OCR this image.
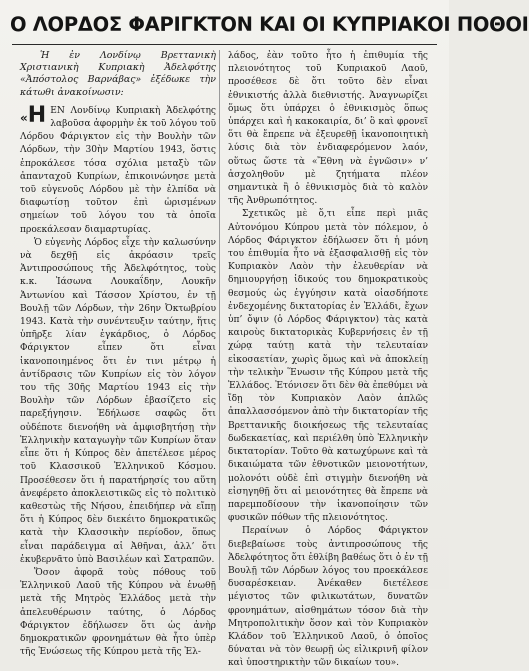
Ο ΛΟΡΔΟΣ ΦΑΡΙΓΚΤΟΝ ΚΑΙ ΟΙ ΚΥΠΡΙΑΚΟΙ ΠΟΘΟΙ

Ἡ ἐν Λονδίνῳ Βρεττανικὴ Χριστιανικὴ Κυπριακὴ Ἀδελφότης «Ἀπόστολος Βαρνάβας» ἐξέδωκε τὴν κάτωθι ἀνακοίνωσιν:

«Η ΕΝ Λονδίνῳ Κυπριακὴ Ἀδελφότης λαβοῦσα ἀφορμὴν ἐκ τοῦ λόγου τοῦ Λόρδου Φάριγκτον εἰς τὴν Βουλὴν τῶν Λόρδων, τὴν 30ὴν Μαρτίου 1943, ὅστις ἐπροκάλεσε τόσα σχόλια μεταξὺ τῶν ἀπανταχοῦ Κυπρίων, ἐπικοινώνησε μετὰ τοῦ εὐγενοῦς Λόρδου μὲ τὴν ἐλπίδα νὰ διαφωτίσῃ τοῦτον ἐπὶ ὡρισμένων σημείων τοῦ λόγου του τὰ ὁποῖα προεκάλεσαν διαμαρτυρίας.

Ὁ εὐγενὴς Λόρδος εἶχε τὴν καλωσύνην νὰ δεχθῇ εἰς ἀκρόασιν τρεῖς Ἀντιπροσώπους τῆς Ἀδελφότητος, τοὺς κ.κ. Ἰάσωνα Λουκαΐδην, Λουκῆν Ἀντωνίου καὶ Τάσσον Χρίστου, ἐν τῇ Βουλῇ τῶν Λόρδων, τὴν 26ην Ὀκτωβρίου 1943. Κατὰ τὴν συνέντευξιν ταύτην, ἥτις ὑπῆρξε λίαν ἐγκάρδιος, ὁ Λόρδος Φάριγκτον εἶπεν ὅτι εἶναι ἱκανοποιημένος ὅτι ἐν τινι μέτρῳ ἡ ἀντίδρασις τῶν Κυπρίων εἰς τὸν λόγον του τῆς 30ῆς Μαρτίου 1943 εἰς τὴν Βουλὴν τῶν Λόρδων ἐβασίζετο εἰς παρεξήγησιν. Ἐδήλωσε σαφῶς ὅτι οὐδέποτε διενοήθη νὰ ἀμφισβητήσῃ τὴν Ἑλληνικὴν καταγωγὴν τῶν Κυπρίων ὅταν εἶπε ὅτι ἡ Κύπρος δὲν ἀπετέλεσε μέρος τοῦ Κλασσικοῦ Ἑλληνικοῦ Κόσμου. Προσέθεσεν ὅτι ἡ παρατήρησίς του αὕτη ἀνεφέρετο ἀποκλειστικῶς εἰς τὸ πολιτικὸ καθεστὼς τῆς Νήσου, ἐπειδήπερ νὰ εἴπῃ ὅτι ἡ Κύπρος δὲν διεκέιτο δημοκρατικῶς κατὰ τὴν Κλασσικὴν περίοδον, ὅπως εἶναι παράδειγμα αἱ Ἀθῆναι, ἀλλ’ ὅτι ἐκυβερνᾶτο ὑπὸ Βασιλέων καὶ Σατραπῶν.

Ὅσον ἀφορᾶ τοὺς πόθους τοῦ Ἑλληνικοῦ Λαοῦ τῆς Κύπρου νὰ ἑνωθῇ μετὰ τῆς Μητρὸς Ἑλλάδος μετὰ τὴν ἀπελευθέρωσιν ταύτης, ὁ Λόρδος Φάριγκτον ἐδήλωσεν ὅτι ὡς ἀνὴρ δημοκρατικῶν φρονημάτων θὰ ἦτο ὑπὲρ τῆς Ἑνώσεως τῆς Κύπρου μετὰ τῆς Ἑλ-

λάδος, ἐὰν τοῦτο ἦτο ἡ ἐπιθυμία τῆς πλειονότητος τοῦ Κυπριακοῦ Λαοῦ, προσέθεσε δὲ ὅτι τοῦτο δὲν εἶναι ἐθνικιστής ἀλλὰ διεθνιστής. Ἀναγνωρίζει ὅμως ὅτι ὑπάρχει ὁ ἐθνικισμὸς ὅπως ὑπάρχει καὶ ἡ κακοκαιρία, δι’ ὃ καὶ φρονεῖ ὅτι θὰ ἔπρεπε νὰ ἐξευρεθῇ ἱκανοποιητικὴ λύσις διὰ τὸν ἐνδιαφερόμενον λαόν, οὕτως ὥστε τὰ «Ἔθνη νὰ ἐγνῶσιν» ν’ ἀσχοληθοῦν μὲ ζητήματα πλέον σημαντικὰ ἢ ὁ ἐθνικισμὸς διὰ τὸ καλὸν τῆς Ἀνθρωπότητος.

Σχετικῶς μὲ ὅ,τι εἶπε περὶ μιᾶς Αὐτονόμου Κύπρου μετὰ τὸν πόλεμον, ὁ Λόρδος Φάριγκτον ἐδήλωσεν ὅτι ἡ μόνη του ἐπιθυμία ἦτο νὰ ἐξασφαλισθῇ εἰς τὸν Κυπριακὸν Λαὸν τὴν ἐλευθερίαν νὰ δημιουργήσῃ ἰδικούς του δημοκρατικοὺς θεσμούς ὡς ἐγγύησιν κατὰ οἱασδήποτε ἐνδεχομένης δικτατορίας ἐν Ἑλλάδι, ἔχων ὑπ’ ὄψιν (ὁ Λόρδος Φάριγκτον) τὰς κατὰ καιροὺς δικτατορικὰς Κυβερνήσεις ἐν τῇ χώρᾳ ταύτῃ κατὰ τὴν τελευταίαν εἰκοσαετίαν, χωρὶς ὅμως καὶ νὰ ἀποκλείῃ τὴν τελικὴν Ἕνωσιν τῆς Κύπρου μετὰ τῆς Ἑλλάδος. Ἐτόνισεν ὅτι δὲν θὰ ἐπεθύμει νὰ ἴδῃ τὸν Κυπριακὸν Λαὸν ἁπλῶς ἀπαλλασσόμενον ἀπὸ τὴν δικτατορίαν τῆς Βρεττανικῆς διοικήσεως τῆς τελευταίας δωδεκαετίας, καὶ περιέλθη ὑπὸ Ἑλληνικὴν δικτατορίαν. Τοῦτο θὰ κατωχύρωνε καὶ τὰ δικαιώματα τῶν ἐθνοτικῶν μειονοτήτων, μολονότι οὐδὲ ἐπὶ στιγμὴν διενοήθη νὰ εἰσηγηθῇ ὅτι αἱ μειονότητες θὰ ἔπρεπε νὰ παρεμποδίσουν τὴν ἱκανοποίησιν τῶν φυσικῶν πόθων τῆς πλειονότητος.

Περαίνων ὁ Λόρδος Φάριγκτον διεβεβαίωσε τοὺς ἀντιπροσώπους τῆς Ἀδελφότητος ὅτι ἐθλίβη βαθέως ὅτι ὁ ἐν τῇ Βουλῇ τῶν Λόρδων λόγος του προεκάλεσε δυσαρέσκειαν. Ἀνέκαθεν διετέλεσε μέγιστος τῶν φιλικωτάτων, δυνατῶν φρονημάτων, αἰσθημάτων τόσον διὰ τὴν Μητροπολιτικὴν ὅσον καὶ τὸν Κυπριακὸν Κλάδον τοῦ Ἑλληνικοῦ Λαοῦ, ὁ ὁποῖος δύναται νὰ τὸν θεωρῇ ὡς εἰλικρινῆ φίλον καὶ ὑποστηρικτὴν τῶν δικαίων του».
